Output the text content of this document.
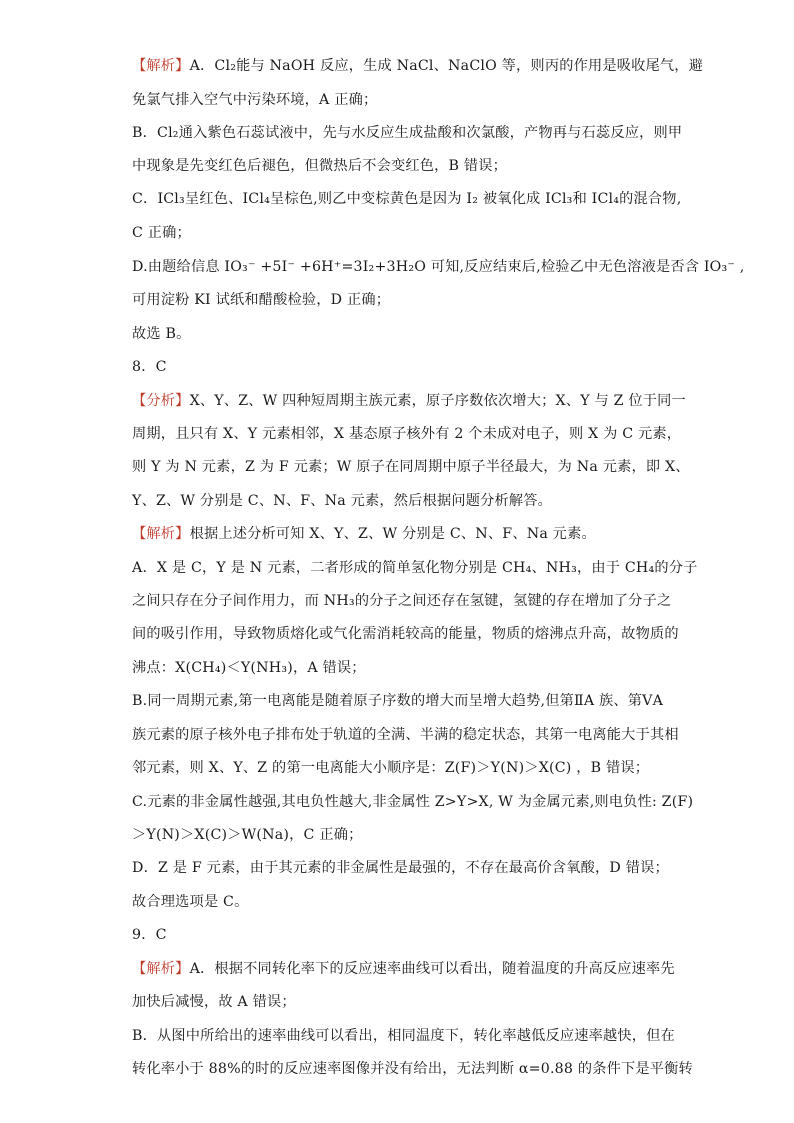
【解析】A．Cl₂能与 NaOH 反应，生成 NaCl、NaClO 等，则丙的作用是吸收尾气，避
免氯气排入空气中污染环境，A 正确；
B．Cl₂通入紫色石蕊试液中，先与水反应生成盐酸和次氯酸，产物再与石蕊反应，则甲
中现象是先变红色后褪色，但微热后不会变红色，B 错误；
C．ICl₃呈红色、ICl₄呈棕色,则乙中变棕黄色是因为 I₂ 被氧化成 ICl₃和 ICl₄的混合物,
C 正确；
D.由题给信息 IO₃⁻ +5I⁻ +6H⁺=3I₂+3H₂O 可知,反应结束后,检验乙中无色溶液是否含 IO₃⁻ ,
可用淀粉 KI 试纸和醋酸检验，D 正确；
故选 B。
8．C
【分析】X、Y、Z、W 四种短周期主族元素，原子序数依次增大；X、Y 与 Z 位于同一
周期，且只有 X、Y 元素相邻，X 基态原子核外有 2 个未成对电子，则 X 为 C 元素，
则 Y 为 N 元素，Z 为 F 元素；W 原子在同周期中原子半径最大，为 Na 元素，即 X、
Y、Z、W 分别是 C、N、F、Na 元素，然后根据问题分析解答。
【解析】根据上述分析可知 X、Y、Z、W 分别是 C、N、F、Na 元素。
A．X 是 C，Y 是 N 元素，二者形成的简单氢化物分别是 CH₄、NH₃，由于 CH₄的分子
之间只存在分子间作用力，而 NH₃的分子之间还存在氢键，氢键的存在增加了分子之
间的吸引作用，导致物质熔化或气化需消耗较高的能量，物质的熔沸点升高，故物质的
沸点：X(CH₄)＜Y(NH₃)，A 错误；
B.同一周期元素,第一电离能是随着原子序数的增大而呈增大趋势,但第ⅡA 族、第ⅤA
族元素的原子核外电子排布处于轨道的全满、半满的稳定状态，其第一电离能大于其相
邻元素，则 X、Y、Z 的第一电离能大小顺序是：Z(F)＞Y(N)＞X(C) ，B 错误；
C.元素的非金属性越强,其电负性越大,非金属性 Z>Y>X, W 为金属元素,则电负性: Z(F)
＞Y(N)＞X(C)＞W(Na)，C 正确；
D．Z 是 F 元素，由于其元素的非金属性是最强的，不存在最高价含氧酸，D 错误；
故合理选项是 C。
9．C
【解析】A．根据不同转化率下的反应速率曲线可以看出，随着温度的升高反应速率先
加快后减慢，故 A 错误；
B．从图中所给出的速率曲线可以看出，相同温度下，转化率越低反应速率越快，但在
转化率小于 88%的时的反应速率图像并没有给出，无法判断 α=0.88 的条件下是平衡转
